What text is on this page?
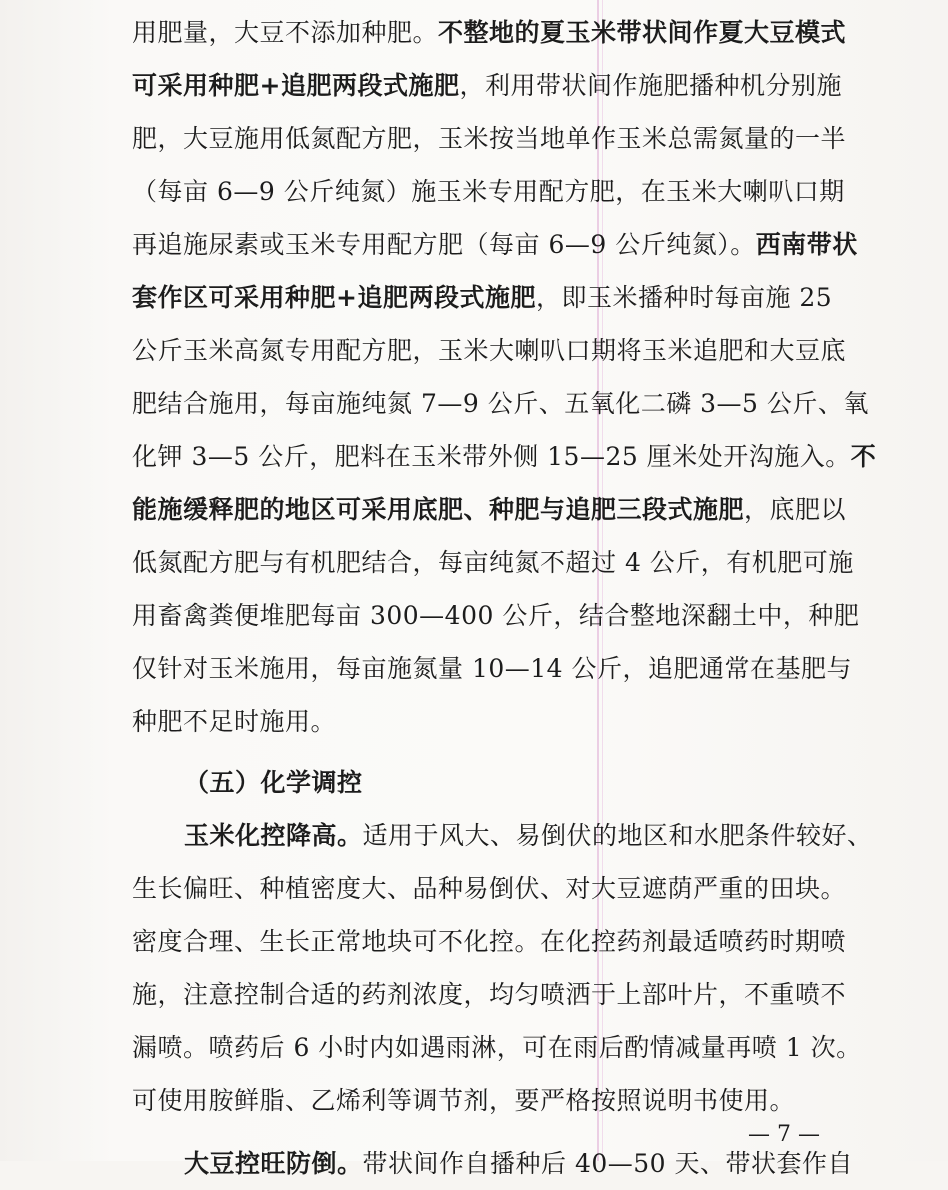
用肥量，大豆不添加种肥。不整地的夏玉米带状间作夏大豆模式
可采用种肥+追肥两段式施肥，利用带状间作施肥播种机分别施
肥，大豆施用低氮配方肥，玉米按当地单作玉米总需氮量的一半
（每亩 6—9 公斤纯氮）施玉米专用配方肥，在玉米大喇叭口期
再追施尿素或玉米专用配方肥（每亩 6—9 公斤纯氮）。西南带状
套作区可采用种肥+追肥两段式施肥，即玉米播种时每亩施 25
公斤玉米高氮专用配方肥，玉米大喇叭口期将玉米追肥和大豆底
肥结合施用，每亩施纯氮 7—9 公斤、五氧化二磷 3—5 公斤、氧
化钾 3—5 公斤，肥料在玉米带外侧 15—25 厘米处开沟施入。不
能施缓释肥的地区可采用底肥、种肥与追肥三段式施肥，底肥以
低氮配方肥与有机肥结合，每亩纯氮不超过 4 公斤，有机肥可施
用畜禽粪便堆肥每亩 300—400 公斤，结合整地深翻土中，种肥
仅针对玉米施用，每亩施氮量 10—14 公斤，追肥通常在基肥与
种肥不足时施用。
（五）化学调控
玉米化控降高。适用于风大、易倒伏的地区和水肥条件较好、
生长偏旺、种植密度大、品种易倒伏、对大豆遮荫严重的田块。
密度合理、生长正常地块可不化控。在化控药剂最适喷药时期喷
施，注意控制合适的药剂浓度，均匀喷洒于上部叶片，不重喷不
漏喷。喷药后 6 小时内如遇雨淋，可在雨后酌情减量再喷 1 次。
可使用胺鲜脂、乙烯利等调节剂，要严格按照说明书使用。
大豆控旺防倒。带状间作自播种后 40—50 天、带状套作自
— 7 —
